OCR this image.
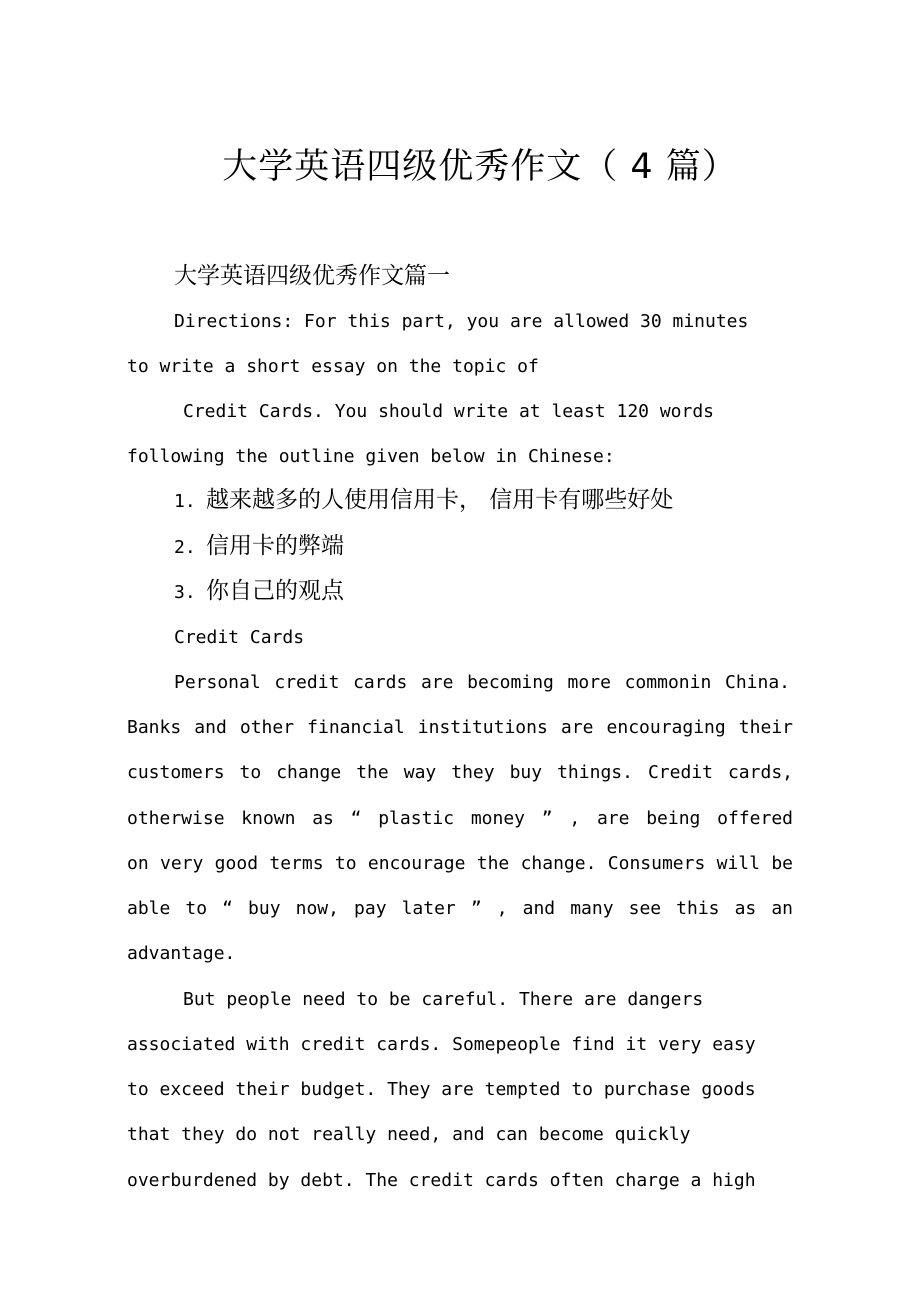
大学英语四级优秀作文（ 4 篇）
大学英语四级优秀作文篇一

Directions: For this part, you are allowed 30 minutes

to write a short essay on the topic of

Credit Cards. You should write at least 120 words

following the outline given below in Chinese:

1. 越来越多的人使用信用卡， 信用卡有哪些好处
2. 信用卡的弊端
3. 你自己的观点

Credit Cards

Personal credit cards are becoming more commonin China.

Banks and other financial institutions are encouraging their

customers to change the way they buy things. Credit cards,

otherwise known as “ plastic money ” , are being offered

on very good terms to encourage the change. Consumers will be

able to “ buy now, pay later ” , and many see this as an

advantage.

But people need to be careful. There are dangers

associated with credit cards. Somepeople find it very easy

to exceed their budget. They are tempted to purchase goods

that they do not really need, and can become quickly

overburdened by debt. The credit cards often charge a high
